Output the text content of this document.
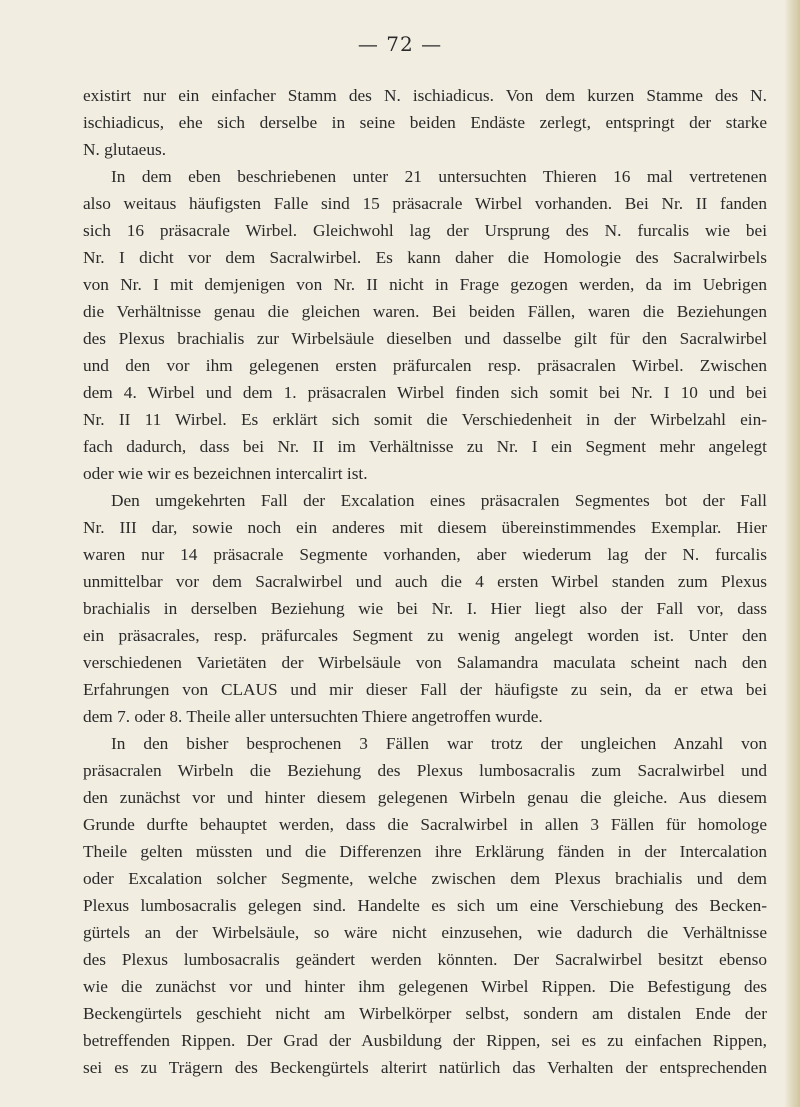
— 72 —
existirt nur ein einfacher Stamm des N. ischiadicus. Von dem kurzen Stamme des N.
ischiadicus, ehe sich derselbe in seine beiden Endäste zerlegt, entspringt der starke
N. glutaeus.
In dem eben beschriebenen unter 21 untersuchten Thieren 16 mal vertretenen
also weitaus häufigsten Falle sind 15 präsacrale Wirbel vorhanden. Bei Nr. II fanden
sich 16 präsacrale Wirbel. Gleichwohl lag der Ursprung des N. furcalis wie bei
Nr. I dicht vor dem Sacralwirbel. Es kann daher die Homologie des Sacralwirbels
von Nr. I mit demjenigen von Nr. II nicht in Frage gezogen werden, da im Uebrigen
die Verhältnisse genau die gleichen waren. Bei beiden Fällen, waren die Beziehungen
des Plexus brachialis zur Wirbelsäule dieselben und dasselbe gilt für den Sacralwirbel
und den vor ihm gelegenen ersten präfurcalen resp. präsacralen Wirbel. Zwischen
dem 4. Wirbel und dem 1. präsacralen Wirbel finden sich somit bei Nr. I 10 und bei
Nr. II 11 Wirbel. Es erklärt sich somit die Verschiedenheit in der Wirbelzahl ein-
fach dadurch, dass bei Nr. II im Verhältnisse zu Nr. I ein Segment mehr angelegt
oder wie wir es bezeichnen intercalirt ist.
Den umgekehrten Fall der Excalation eines präsacralen Segmentes bot der Fall
Nr. III dar, sowie noch ein anderes mit diesem übereinstimmendes Exemplar. Hier
waren nur 14 präsacrale Segmente vorhanden, aber wiederum lag der N. furcalis
unmittelbar vor dem Sacralwirbel und auch die 4 ersten Wirbel standen zum Plexus
brachialis in derselben Beziehung wie bei Nr. I. Hier liegt also der Fall vor, dass
ein präsacrales, resp. präfurcales Segment zu wenig angelegt worden ist. Unter den
verschiedenen Varietäten der Wirbelsäule von Salamandra maculata scheint nach den
Erfahrungen von CLAUS und mir dieser Fall der häufigste zu sein, da er etwa bei
dem 7. oder 8. Theile aller untersuchten Thiere angetroffen wurde.
In den bisher besprochenen 3 Fällen war trotz der ungleichen Anzahl von
präsacralen Wirbeln die Beziehung des Plexus lumbosacralis zum Sacralwirbel und
den zunächst vor und hinter diesem gelegenen Wirbeln genau die gleiche. Aus diesem
Grunde durfte behauptet werden, dass die Sacralwirbel in allen 3 Fällen für homologe
Theile gelten müssten und die Differenzen ihre Erklärung fänden in der Intercalation
oder Excalation solcher Segmente, welche zwischen dem Plexus brachialis und dem
Plexus lumbosacralis gelegen sind. Handelte es sich um eine Verschiebung des Becken-
gürtels an der Wirbelsäule, so wäre nicht einzusehen, wie dadurch die Verhältnisse
des Plexus lumbosacralis geändert werden könnten. Der Sacralwirbel besitzt ebenso
wie die zunächst vor und hinter ihm gelegenen Wirbel Rippen. Die Befestigung des
Beckengürtels geschieht nicht am Wirbelkörper selbst, sondern am distalen Ende der
betreffenden Rippen. Der Grad der Ausbildung der Rippen, sei es zu einfachen Rippen,
sei es zu Trägern des Beckengürtels alterirt natürlich das Verhalten der entsprechenden
